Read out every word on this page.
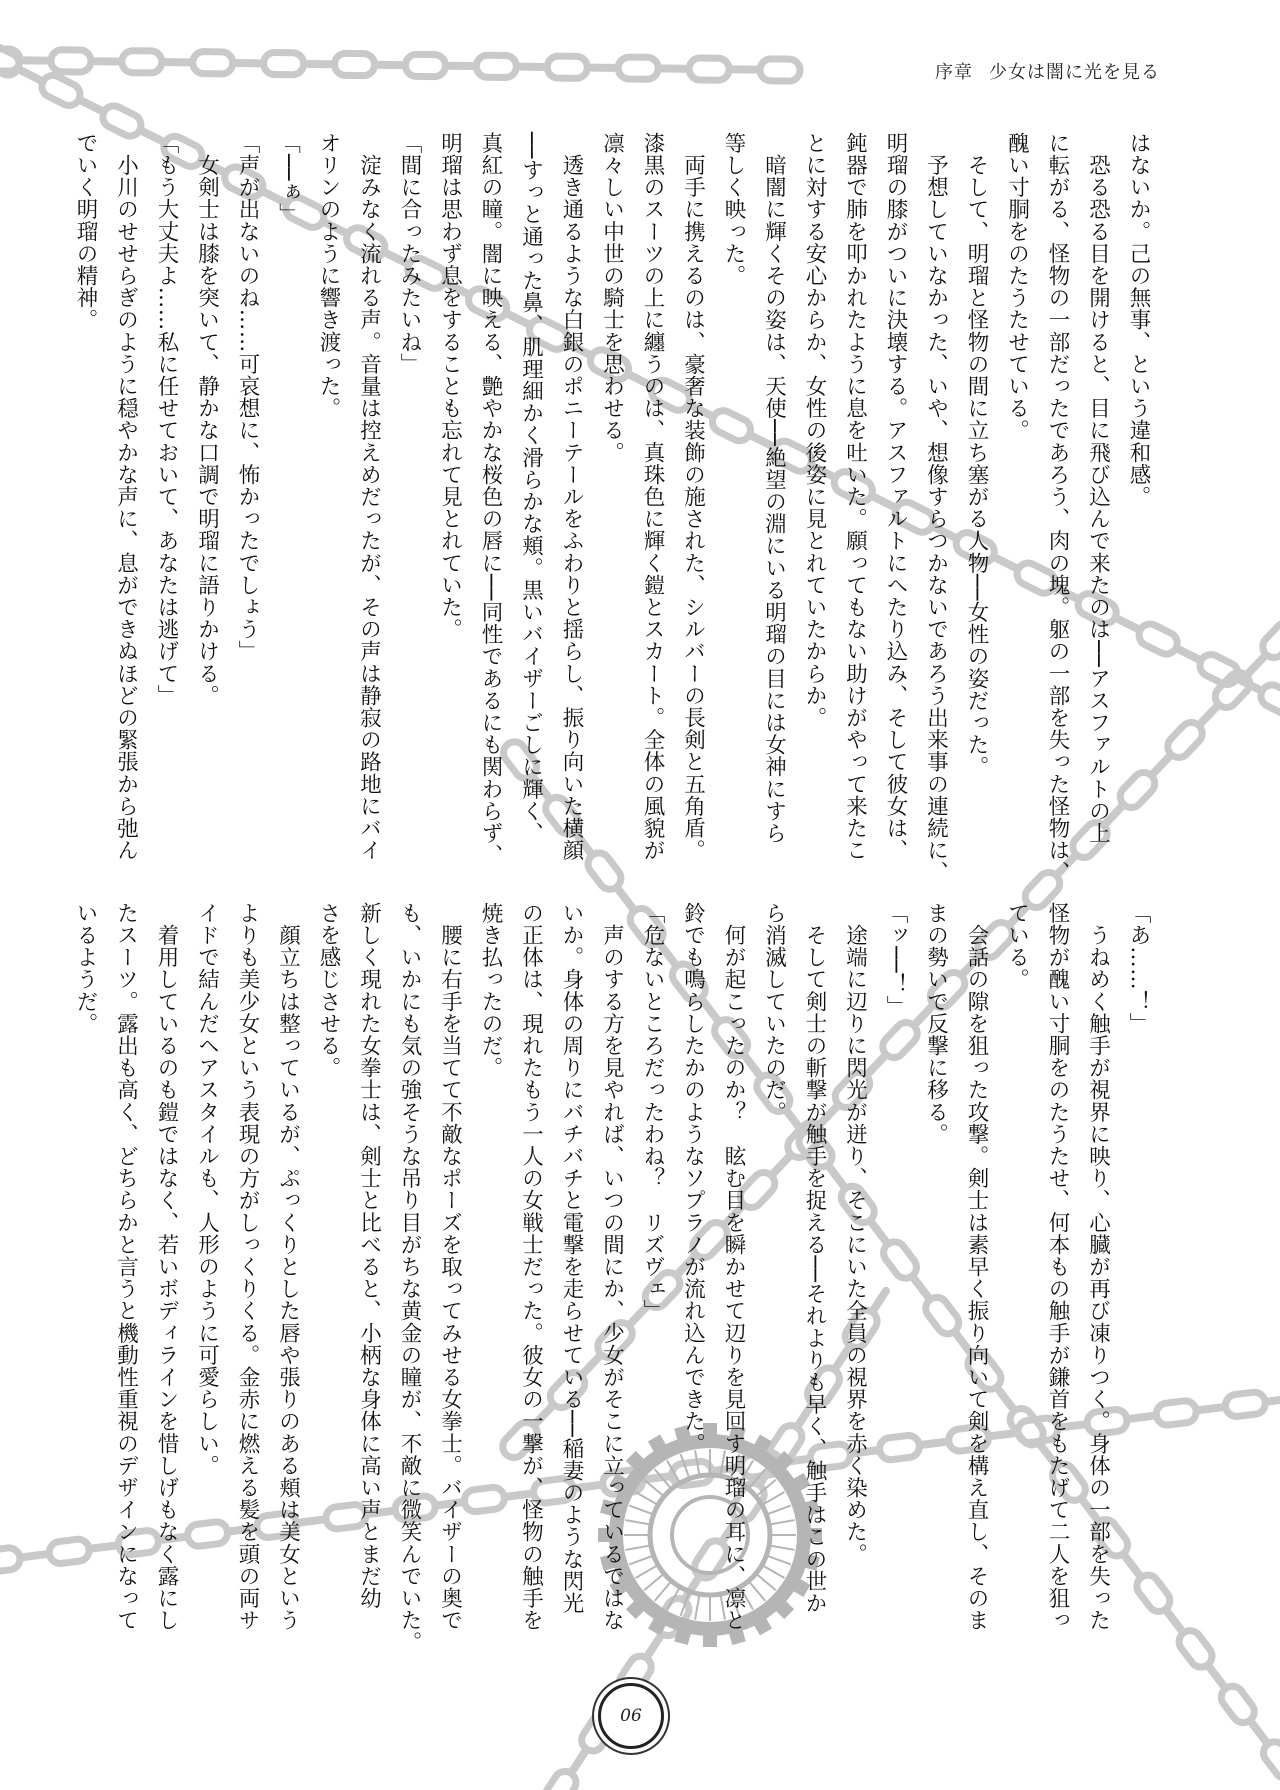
序章 少女は闇に光を見る
はないか。己の無事、という違和感。
　恐る恐る目を開けると、目に飛び込んで来たのは──アスファルトの上
に転がる、怪物の一部だったであろう、肉の塊。躯の一部を失った怪物は、
醜い寸胴をのたうたせている。
　そして、明瑠と怪物の間に立ち塞がる人物──女性の姿だった。
　予想していなかった、いや、想像すらつかないであろう出来事の連続に、
明瑠の膝がついに決壊する。アスファルトにへたり込み、そして彼女は、
鈍器で肺を叩かれたように息を吐いた。願ってもない助けがやって来たこ
とに対する安心からか、女性の後姿に見とれていたからか。
　暗闇に輝くその姿は、天使──絶望の淵にいる明瑠の目には女神にすら
等しく映った。
　両手に携えるのは、豪奢な装飾の施された、シルバーの長剣と五角盾。
漆黒のスーツの上に纏うのは、真珠色に輝く鎧とスカート。全体の風貌が
凛々しい中世の騎士を思わせる。
　透き通るような白銀のポニーテールをふわりと揺らし、振り向いた横顔
──すっと通った鼻、肌理細かく滑らかな頬。黒いバイザーごしに輝く、
真紅の瞳。闇に映える、艶やかな桜色の唇に──同性であるにも関わらず、
明瑠は思わず息をすることも忘れて見とれていた。
「間に合ったみたいね」
　淀みなく流れる声。音量は控えめだったが、その声は静寂の路地にバイ
オリンのように響き渡った。
「──ぁ」
「声が出ないのね……可哀想に、怖かったでしょう」
　女剣士は膝を突いて、静かな口調で明瑠に語りかける。
「もう大丈夫よ……私に任せておいて、あなたは逃げて」
　小川のせせらぎのように穏やかな声に、息ができぬほどの緊張から弛ん
でいく明瑠の精神。
「あ……！」
　うねめく触手が視界に映り、心臓が再び凍りつく。身体の一部を失った
怪物が醜い寸胴をのたうたせ、何本もの触手が鎌首をもたげて二人を狙っ
ている。
　会話の隙を狙った攻撃。剣士は素早く振り向いて剣を構え直し、そのま
まの勢いで反撃に移る。
「ッ──！」
　途端に辺りに閃光が迸り、そこにいた全員の視界を赤く染めた。
　そして剣士の斬撃が触手を捉える──それよりも早く、触手はこの世か
ら消滅していたのだ。
　何が起こったのか？　眩む目を瞬かせて辺りを見回す明瑠の耳に、凛と
鈴でも鳴らしたかのようなソプラノが流れ込んできた。
「危ないところだったわね？　リズヴェ」
　声のする方を見やれば、いつの間にか、少女がそこに立っているではな
いか。身体の周りにバチバチと電撃を走らせている──稲妻のような閃光
の正体は、現れたもう一人の女戦士だった。彼女の一撃が、怪物の触手を
焼き払ったのだ。
　腰に右手を当てて不敵なポーズを取ってみせる女拳士。バイザーの奥で
も、いかにも気の強そうな吊り目がちな黄金の瞳が、不敵に微笑んでいた。
新しく現れた女拳士は、剣士と比べると、小柄な身体に高い声とまだ幼
さを感じさせる。
　顔立ちは整っているが、ぷっくりとした唇や張りのある頬は美女という
よりも美少女という表現の方がしっくりくる。金赤に燃える髪を頭の両サ
イドで結んだヘアスタイルも、人形のように可愛らしい。
　着用しているのも鎧ではなく、若いボディラインを惜しげもなく露にし
たスーツ。露出も高く、どちらかと言うと機動性重視のデザインになって
いるようだ。
06
